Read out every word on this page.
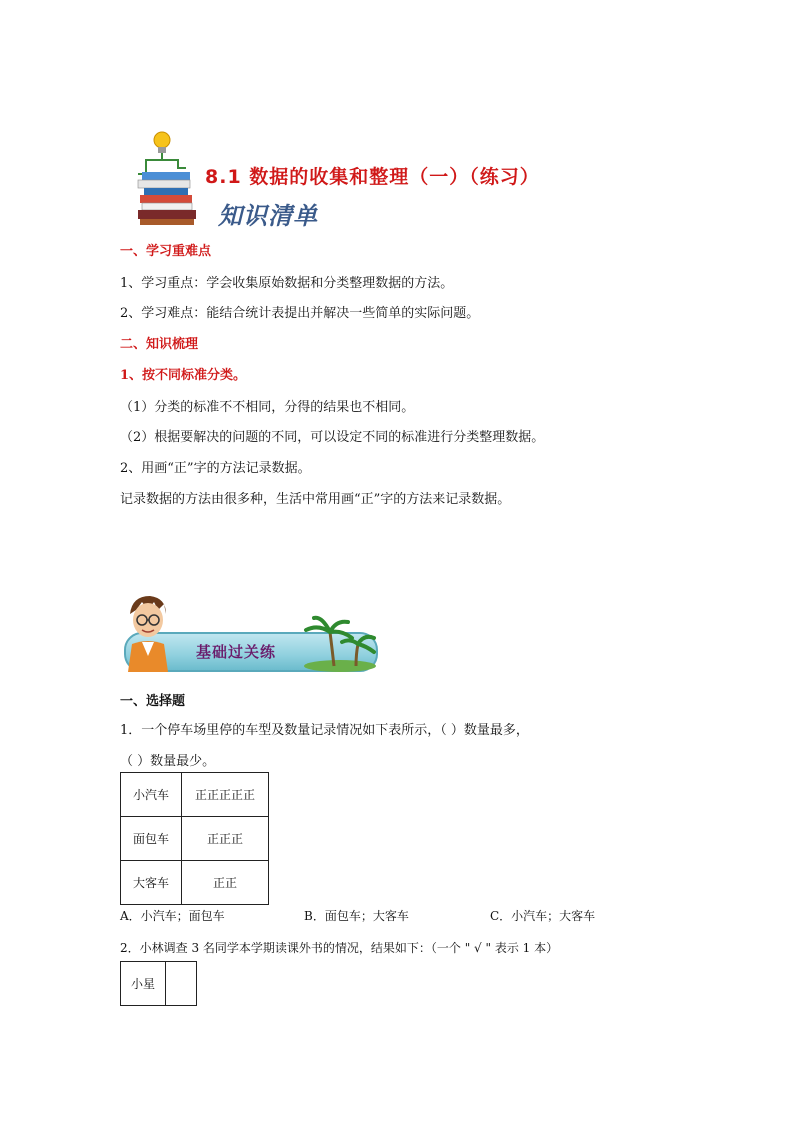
8.1 数据的收集和整理（一）（练习）
知识清单
一、学习重难点
1、学习重点：学会收集原始数据和分类整理数据的方法。
2、学习难点：能结合统计表提出并解决一些简单的实际问题。
二、知识梳理
1、按不同标准分类。
（1）分类的标准不不相同，分得的结果也不相同。
（2）根据要解决的问题的不同，可以设定不同的标准进行分类整理数据。
2、用画“正”字的方法记录数据。
记录数据的方法由很多种，生活中常用画“正”字的方法来记录数据。
基础过关练
一、选择题
1．一个停车场里停的车型及数量记录情况如下表所示，（ ）数量最多，
（ ）数量最少。
小汽车	正正正正正
面包车	正正正
大客车	正正
A．小汽车；面包车	B．面包车；大客车	C．小汽车；大客车
2．小林调查 3 名同学本学期读课外书的情况，结果如下：（一个 " √ " 表示 1 本）
小星	
